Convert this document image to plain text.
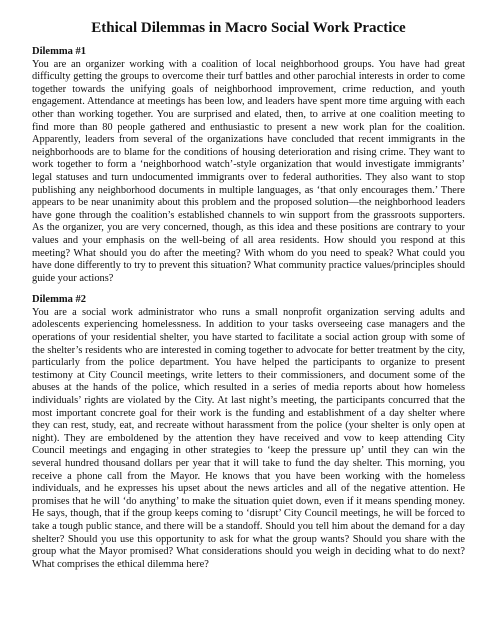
Ethical Dilemmas in Macro Social Work Practice

Dilemma #1

You are an organizer working with a coalition of local neighborhood groups. You have had great difficulty getting the groups to overcome their turf battles and other parochial interests in order to come together towards the unifying goals of neighborhood improvement, crime reduction, and youth engagement. Attendance at meetings has been low, and leaders have spent more time arguing with each other than working together. You are surprised and elated, then, to arrive at one coalition meeting to find more than 80 people gathered and enthusiastic to present a new work plan for the coalition. Apparently, leaders from several of the organizations have concluded that recent immigrants in the neighborhoods are to blame for the conditions of housing deterioration and rising crime. They want to work together to form a ‘neighborhood watch’-style organization that would investigate immigrants’ legal statuses and turn undocumented immigrants over to federal authorities. They also want to stop publishing any neighborhood documents in multiple languages, as ‘that only encourages them.’ There appears to be near unanimity about this problem and the proposed solution—the neighborhood leaders have gone through the coalition’s established channels to win support from the grassroots supporters. As the organizer, you are very concerned, though, as this idea and these positions are contrary to your values and your emphasis on the well-being of all area residents. How should you respond at this meeting? What should you do after the meeting? With whom do you need to speak? What could you have done differently to try to prevent this situation? What community practice values/principles should guide your actions?

Dilemma #2

You are a social work administrator who runs a small nonprofit organization serving adults and adolescents experiencing homelessness. In addition to your tasks overseeing case managers and the operations of your residential shelter, you have started to facilitate a social action group with some of the shelter’s residents who are interested in coming together to advocate for better treatment by the city, particularly from the police department. You have helped the participants to organize to present testimony at City Council meetings, write letters to their commissioners, and document some of the abuses at the hands of the police, which resulted in a series of media reports about how homeless individuals’ rights are violated by the City. At last night’s meeting, the participants concurred that the most important concrete goal for their work is the funding and establishment of a day shelter where they can rest, study, eat, and recreate without harassment from the police (your shelter is only open at night). They are emboldened by the attention they have received and vow to keep attending City Council meetings and engaging in other strategies to ‘keep the pressure up’ until they can win the several hundred thousand dollars per year that it will take to fund the day shelter. This morning, you receive a phone call from the Mayor. He knows that you have been working with the homeless individuals, and he expresses his upset about the news articles and all of the negative attention. He promises that he will ‘do anything’ to make the situation quiet down, even if it means spending money. He says, though, that if the group keeps coming to ‘disrupt’ City Council meetings, he will be forced to take a tough public stance, and there will be a standoff. Should you tell him about the demand for a day shelter? Should you use this opportunity to ask for what the group wants? Should you share with the group what the Mayor promised? What considerations should you weigh in deciding what to do next? What comprises the ethical dilemma here?
